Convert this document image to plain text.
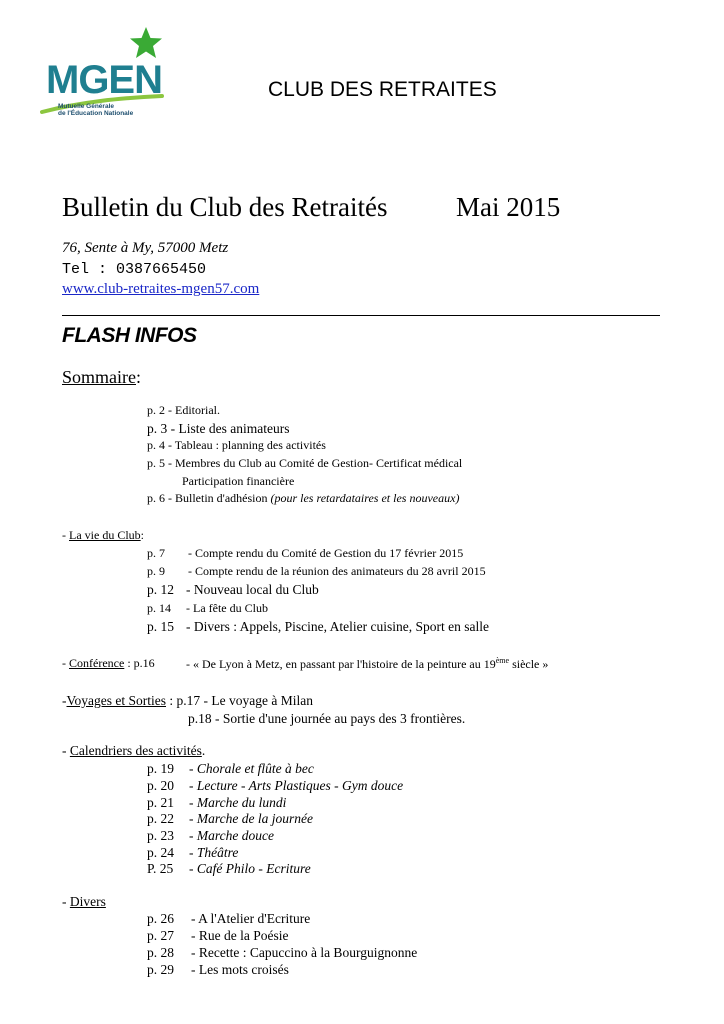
MGEN
Mutuelle Générale
de l'Éducation Nationale
CLUB DES RETRAITES
Bulletin du Club des Retraités	Mai 2015
76, Sente à My, 57000 Metz
Tel : 0387665450
www.club-retraites-mgen57.com
FLASH INFOS
Sommaire:
p. 2 - Editorial.
p. 3 - Liste des animateurs
p. 4 - Tableau : planning des activités
p. 5 - Membres du Club au Comité de Gestion- Certificat médical
Participation financière
p. 6 - Bulletin d'adhésion (pour les retardataires et les nouveaux)
- La vie du Club:
p. 7 - Compte rendu du Comité de Gestion du 17 février 2015
p. 9 - Compte rendu de la réunion des animateurs du 28 avril 2015
p. 12 - Nouveau local du Club
p. 14 - La fête du Club
p. 15 - Divers : Appels, Piscine, Atelier cuisine, Sport en salle
- Conférence : p.16	- « De Lyon à Metz, en passant par l'histoire de la peinture au 19ème siècle »
-Voyages et Sorties : p.17 - Le voyage à Milan
p.18 - Sortie d'une journée au pays des 3 frontières.
- Calendriers des activités.
p. 19 - Chorale et flûte à bec
p. 20 - Lecture - Arts Plastiques - Gym douce
p. 21 - Marche du lundi
p. 22 - Marche de la journée
p. 23 - Marche douce
p. 24 - Théâtre
P. 25 - Café Philo - Ecriture
- Divers
p. 26 - A l'Atelier d'Ecriture
p. 27 - Rue de la Poésie
p. 28 - Recette : Capuccino à la Bourguignonne
p. 29 - Les mots croisés
